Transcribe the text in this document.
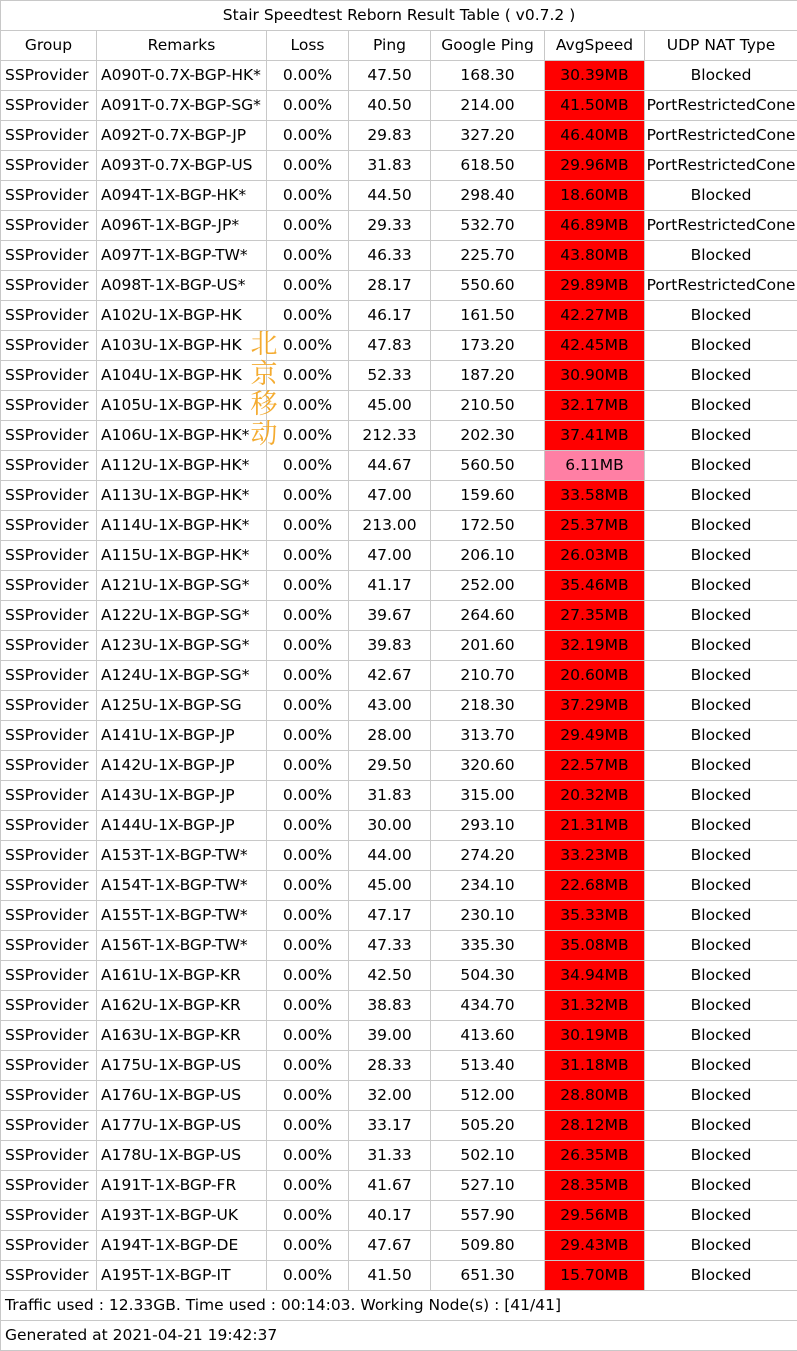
Stair Speedtest Reborn Result Table ( v0.7.2 )						
Group	Remarks	Loss	Ping	Google Ping	AvgSpeed	UDP NAT Type
SSProvider	A090T-0.7X-BGP-HK*	0.00%	47.50	168.30	30.39MB	Blocked
SSProvider	A091T-0.7X-BGP-SG*	0.00%	40.50	214.00	41.50MB	PortRestrictedCone
SSProvider	A092T-0.7X-BGP-JP	0.00%	29.83	327.20	46.40MB	PortRestrictedCone
SSProvider	A093T-0.7X-BGP-US	0.00%	31.83	618.50	29.96MB	PortRestrictedCone
SSProvider	A094T-1X-BGP-HK*	0.00%	44.50	298.40	18.60MB	Blocked
SSProvider	A096T-1X-BGP-JP*	0.00%	29.33	532.70	46.89MB	PortRestrictedCone
SSProvider	A097T-1X-BGP-TW*	0.00%	46.33	225.70	43.80MB	Blocked
SSProvider	A098T-1X-BGP-US*	0.00%	28.17	550.60	29.89MB	PortRestrictedCone
SSProvider	A102U-1X-BGP-HK	0.00%	46.17	161.50	42.27MB	Blocked
SSProvider	A103U-1X-BGP-HK	0.00%	47.83	173.20	42.45MB	Blocked
SSProvider	A104U-1X-BGP-HK	0.00%	52.33	187.20	30.90MB	Blocked
SSProvider	A105U-1X-BGP-HK	0.00%	45.00	210.50	32.17MB	Blocked
SSProvider	A106U-1X-BGP-HK*	0.00%	212.33	202.30	37.41MB	Blocked
SSProvider	A112U-1X-BGP-HK*	0.00%	44.67	560.50	6.11MB	Blocked
SSProvider	A113U-1X-BGP-HK*	0.00%	47.00	159.60	33.58MB	Blocked
SSProvider	A114U-1X-BGP-HK*	0.00%	213.00	172.50	25.37MB	Blocked
SSProvider	A115U-1X-BGP-HK*	0.00%	47.00	206.10	26.03MB	Blocked
SSProvider	A121U-1X-BGP-SG*	0.00%	41.17	252.00	35.46MB	Blocked
SSProvider	A122U-1X-BGP-SG*	0.00%	39.67	264.60	27.35MB	Blocked
SSProvider	A123U-1X-BGP-SG*	0.00%	39.83	201.60	32.19MB	Blocked
SSProvider	A124U-1X-BGP-SG*	0.00%	42.67	210.70	20.60MB	Blocked
SSProvider	A125U-1X-BGP-SG	0.00%	43.00	218.30	37.29MB	Blocked
SSProvider	A141U-1X-BGP-JP	0.00%	28.00	313.70	29.49MB	Blocked
SSProvider	A142U-1X-BGP-JP	0.00%	29.50	320.60	22.57MB	Blocked
SSProvider	A143U-1X-BGP-JP	0.00%	31.83	315.00	20.32MB	Blocked
SSProvider	A144U-1X-BGP-JP	0.00%	30.00	293.10	21.31MB	Blocked
SSProvider	A153T-1X-BGP-TW*	0.00%	44.00	274.20	33.23MB	Blocked
SSProvider	A154T-1X-BGP-TW*	0.00%	45.00	234.10	22.68MB	Blocked
SSProvider	A155T-1X-BGP-TW*	0.00%	47.17	230.10	35.33MB	Blocked
SSProvider	A156T-1X-BGP-TW*	0.00%	47.33	335.30	35.08MB	Blocked
SSProvider	A161U-1X-BGP-KR	0.00%	42.50	504.30	34.94MB	Blocked
SSProvider	A162U-1X-BGP-KR	0.00%	38.83	434.70	31.32MB	Blocked
SSProvider	A163U-1X-BGP-KR	0.00%	39.00	413.60	30.19MB	Blocked
SSProvider	A175U-1X-BGP-US	0.00%	28.33	513.40	31.18MB	Blocked
SSProvider	A176U-1X-BGP-US	0.00%	32.00	512.00	28.80MB	Blocked
SSProvider	A177U-1X-BGP-US	0.00%	33.17	505.20	28.12MB	Blocked
SSProvider	A178U-1X-BGP-US	0.00%	31.33	502.10	26.35MB	Blocked
SSProvider	A191T-1X-BGP-FR	0.00%	41.67	527.10	28.35MB	Blocked
SSProvider	A193T-1X-BGP-UK	0.00%	40.17	557.90	29.56MB	Blocked
SSProvider	A194T-1X-BGP-DE	0.00%	47.67	509.80	29.43MB	Blocked
SSProvider	A195T-1X-BGP-IT	0.00%	41.50	651.30	15.70MB	Blocked
Traffic used : 12.33GB. Time used : 00:14:03. Working Node(s) : [41/41]						
Generated at 2021-04-21 19:42:37						
北
京
移
动
